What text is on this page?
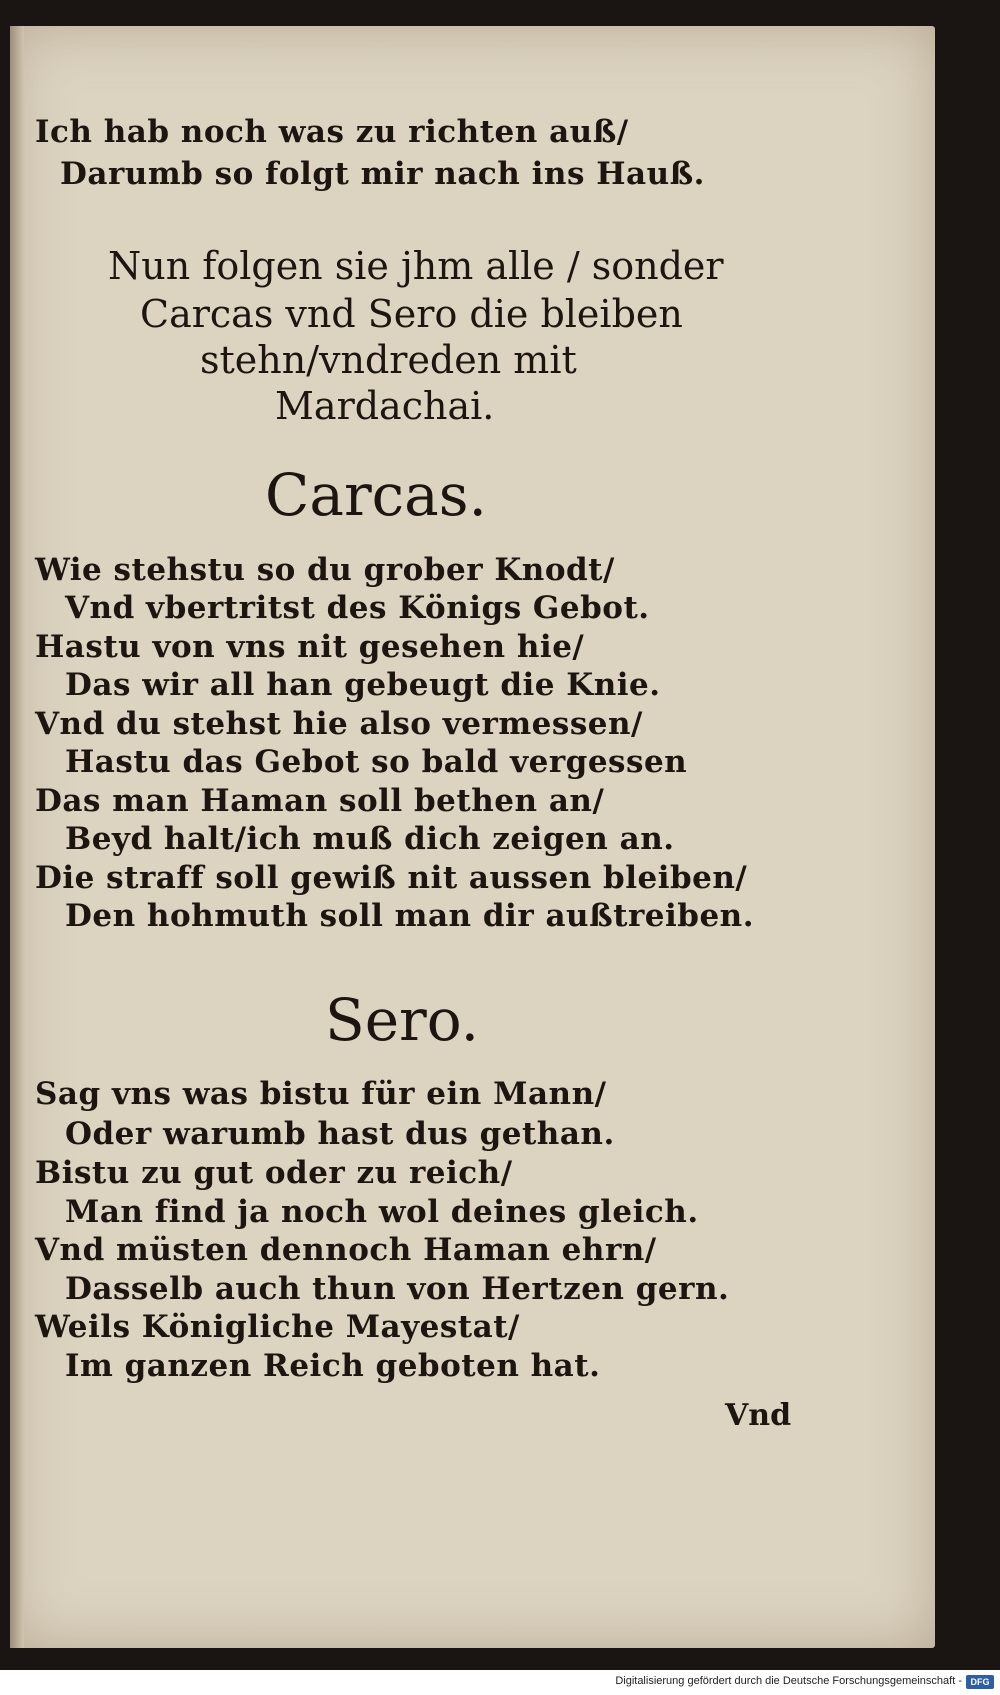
Ich hab noch was zu richten auß/
Darumb so folgt mir nach ins Hauß.
Nun folgen sie jhm alle / sonder
Carcas vnd Sero die bleiben
stehn/vndreden mit
Mardachai.
Carcas.
Wie stehstu so du grober Knodt/
Vnd vbertritst des Königs Gebot.
Hastu von vns nit gesehen hie/
Das wir all han gebeugt die Knie.
Vnd du stehst hie also vermessen/
Hastu das Gebot so bald vergessen
Das man Haman soll bethen an/
Beyd halt/ich muß dich zeigen an.
Die straff soll gewiß nit aussen bleiben/
Den hohmuth soll man dir außtreiben.
Sero.
Sag vns was bistu für ein Mann/
Oder warumb hast dus gethan.
Bistu zu gut oder zu reich/
Man find ja noch wol deines gleich.
Vnd müsten dennoch Haman ehrn/
Dasselb auch thun von Hertzen gern.
Weils Königliche Mayestat/
Im ganzen Reich geboten hat.
Vnd
Digitalisierung gefördert durch die Deutsche Forschungsgemeinschaft - DFG
